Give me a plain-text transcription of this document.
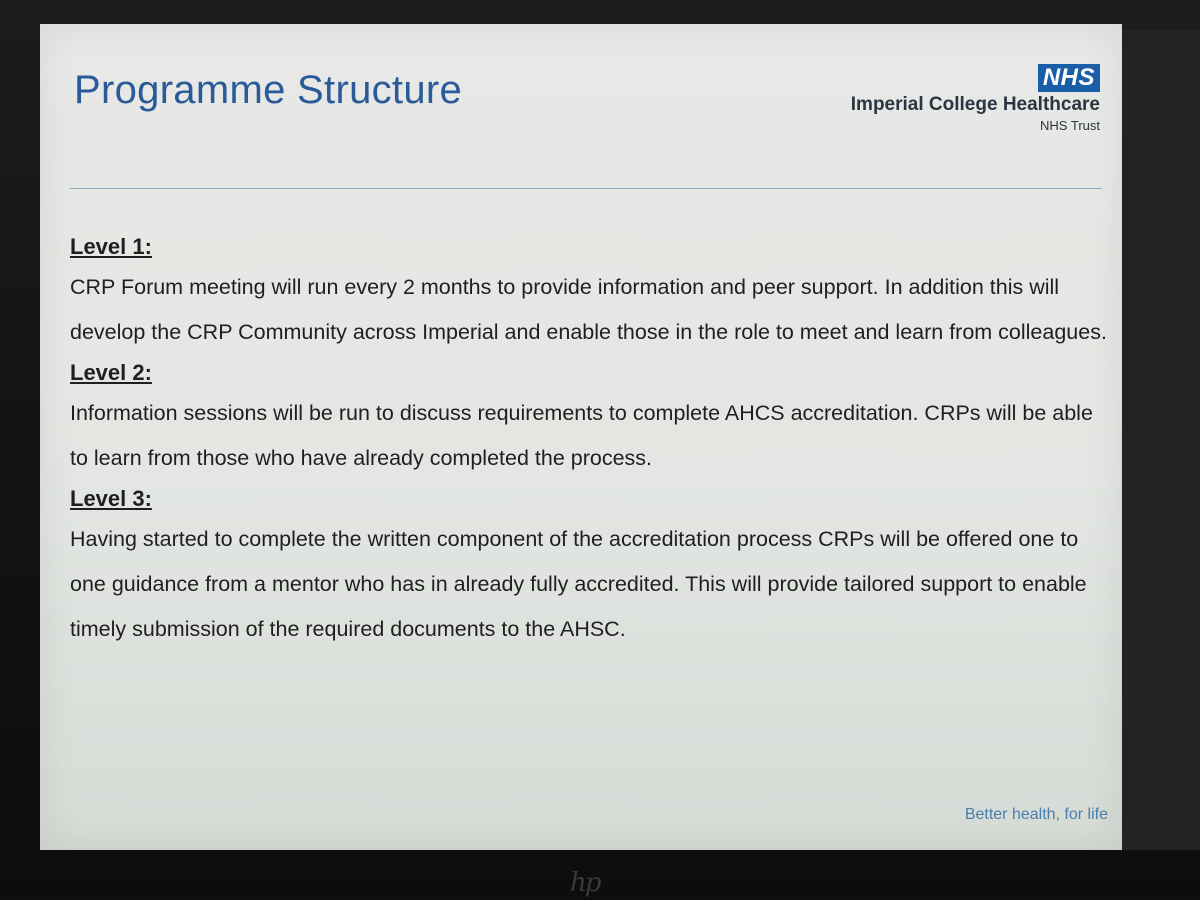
Programme Structure	NHS
Imperial College Healthcare
NHS Trust
Level 1:

CRP Forum meeting will run every 2 months to provide information and peer support. In addition this will develop the CRP Community across Imperial and enable those in the role to meet and learn from colleagues.

Level 2:

Information sessions will be run to discuss requirements to complete AHCS accreditation. CRPs will be able to learn from those who have already completed the process.

Level 3:

Having started to complete the written component of the accreditation process CRPs will be offered one to one guidance from a mentor who has in already fully accredited. This will provide tailored support to enable timely submission of the required documents to the AHSC.

Better health, for life
hp
